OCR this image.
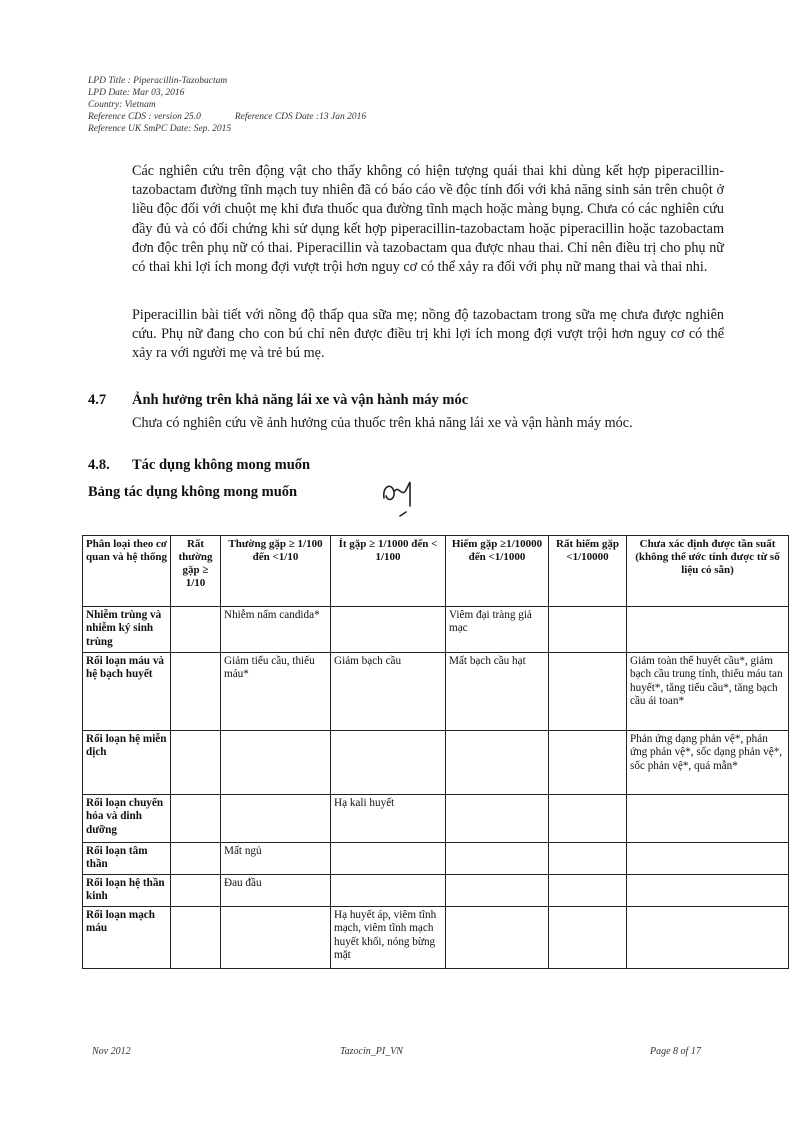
LPD Title : Piperacillin-Tazobactam
LPD Date: Mar 03, 2016
Country: Vietnam
Reference CDS : version 25.0	Reference CDS Date :13 Jan 2016
Reference UK SmPC Date: Sep. 2015
Các nghiên cứu trên động vật cho thấy không có hiện tượng quái thai khi dùng kết hợp piperacillin-tazobactam đường tĩnh mạch tuy nhiên đã có báo cáo về độc tính đối với khả năng sinh sản trên chuột ở liều độc đối với chuột mẹ khi đưa thuốc qua đường tĩnh mạch hoặc màng bụng. Chưa có các nghiên cứu đầy đủ và có đối chứng khi sử dụng kết hợp piperacillin-tazobactam hoặc piperacillin hoặc tazobactam đơn độc trên phụ nữ có thai. Piperacillin và tazobactam qua được nhau thai. Chỉ nên điều trị cho phụ nữ có thai khi lợi ích mong đợi vượt trội hơn nguy cơ có thể xảy ra đối với phụ nữ mang thai và thai nhi.
Piperacillin bài tiết với nồng độ thấp qua sữa mẹ; nồng độ tazobactam trong sữa mẹ chưa được nghiên cứu. Phụ nữ đang cho con bú chỉ nên được điều trị khi lợi ích mong đợi vượt trội hơn nguy cơ có thể xảy ra với người mẹ và trẻ bú mẹ.
4.7 Ảnh hưởng trên khả năng lái xe và vận hành máy móc
Chưa có nghiên cứu về ảnh hưởng của thuốc trên khả năng lái xe và vận hành máy móc.
4.8. Tác dụng không mong muốn
Bảng tác dụng không mong muốn
Phân loại theo cơ quan và hệ thống	Rất thường gặp ≥ 1/10	Thường gặp ≥ 1/100 đến <1/10	Ít gặp ≥ 1/1000 đến < 1/100	Hiếm gặp ≥1/10000 đến <1/1000	Rất hiếm gặp <1/10000	Chưa xác định được tần suất (không thể ước tính được từ số liệu có sẵn)
Nhiễm trùng và nhiễm ký sinh trùng		Nhiễm nấm candida*		Viêm đại tràng giả mạc		
Rối loạn máu và hệ bạch huyết		Giảm tiểu cầu, thiếu máu*	Giảm bạch cầu	Mất bạch cầu hạt		Giảm toàn thể huyết cầu*, giảm bạch cầu trung tính, thiếu máu tan huyết*, tăng tiểu cầu*, tăng bạch cầu ái toan*
Rối loạn hệ miễn dịch						Phản ứng dạng phản vệ*, phản ứng phản vệ*, sốc dạng phản vệ*, sốc phản vệ*, quá mẫn*
Rối loạn chuyển hóa và dinh dưỡng			Hạ kali huyết			
Rối loạn tâm thần		Mất ngủ				
Rối loạn hệ thần kinh		Đau đầu				
Rối loạn mạch máu			Hạ huyết áp, viêm tĩnh mạch, viêm tĩnh mạch huyết khối, nóng bừng mặt			
Nov 2012	Tazocin_PI_VN	Page 8 of 17
